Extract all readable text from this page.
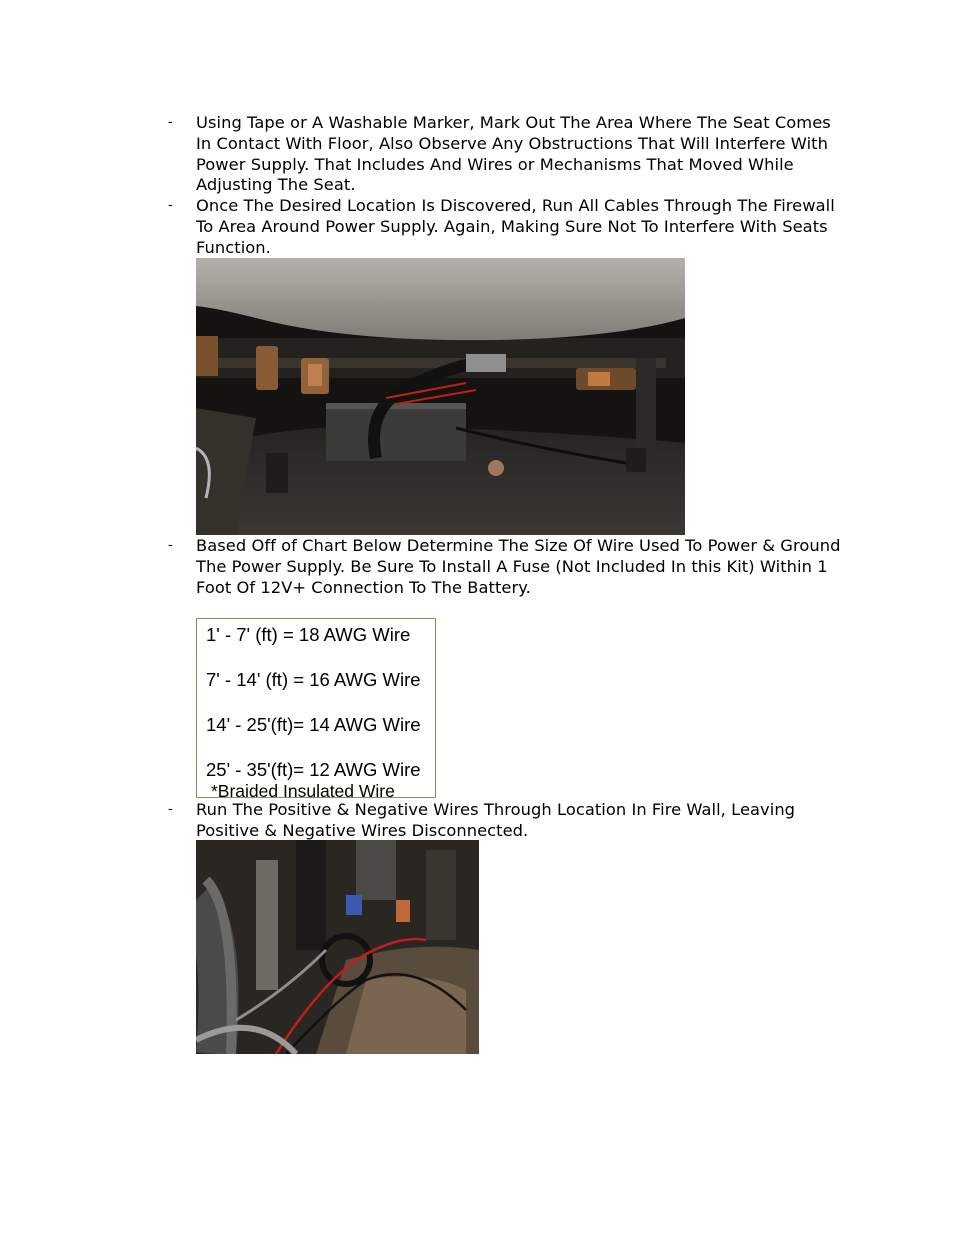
- Using Tape or A Washable Marker, Mark Out The Area Where The Seat Comes In Contact With Floor, Also Observe Any Obstructions That Will Interfere With Power Supply. That Includes And Wires or Mechanisms That Moved While Adjusting The Seat.
- Once The Desired Location Is Discovered, Run All Cables Through The Firewall To Area Around Power Supply. Again, Making Sure Not To Interfere With Seats Function.
- Based Off of Chart Below Determine The Size Of Wire Used To Power & Ground The Power Supply. Be Sure To Install A Fuse (Not Included In this Kit) Within 1 Foot Of 12V+ Connection To The Battery.
1' - 7' (ft) = 18 AWG Wire
7' - 14' (ft) = 16 AWG Wire
14' - 25'(ft)= 14 AWG Wire
25' - 35'(ft)= 12 AWG Wire
*Braided Insulated Wire
- Run The Positive & Negative Wires Through Location In Fire Wall, Leaving Positive & Negative Wires Disconnected.
